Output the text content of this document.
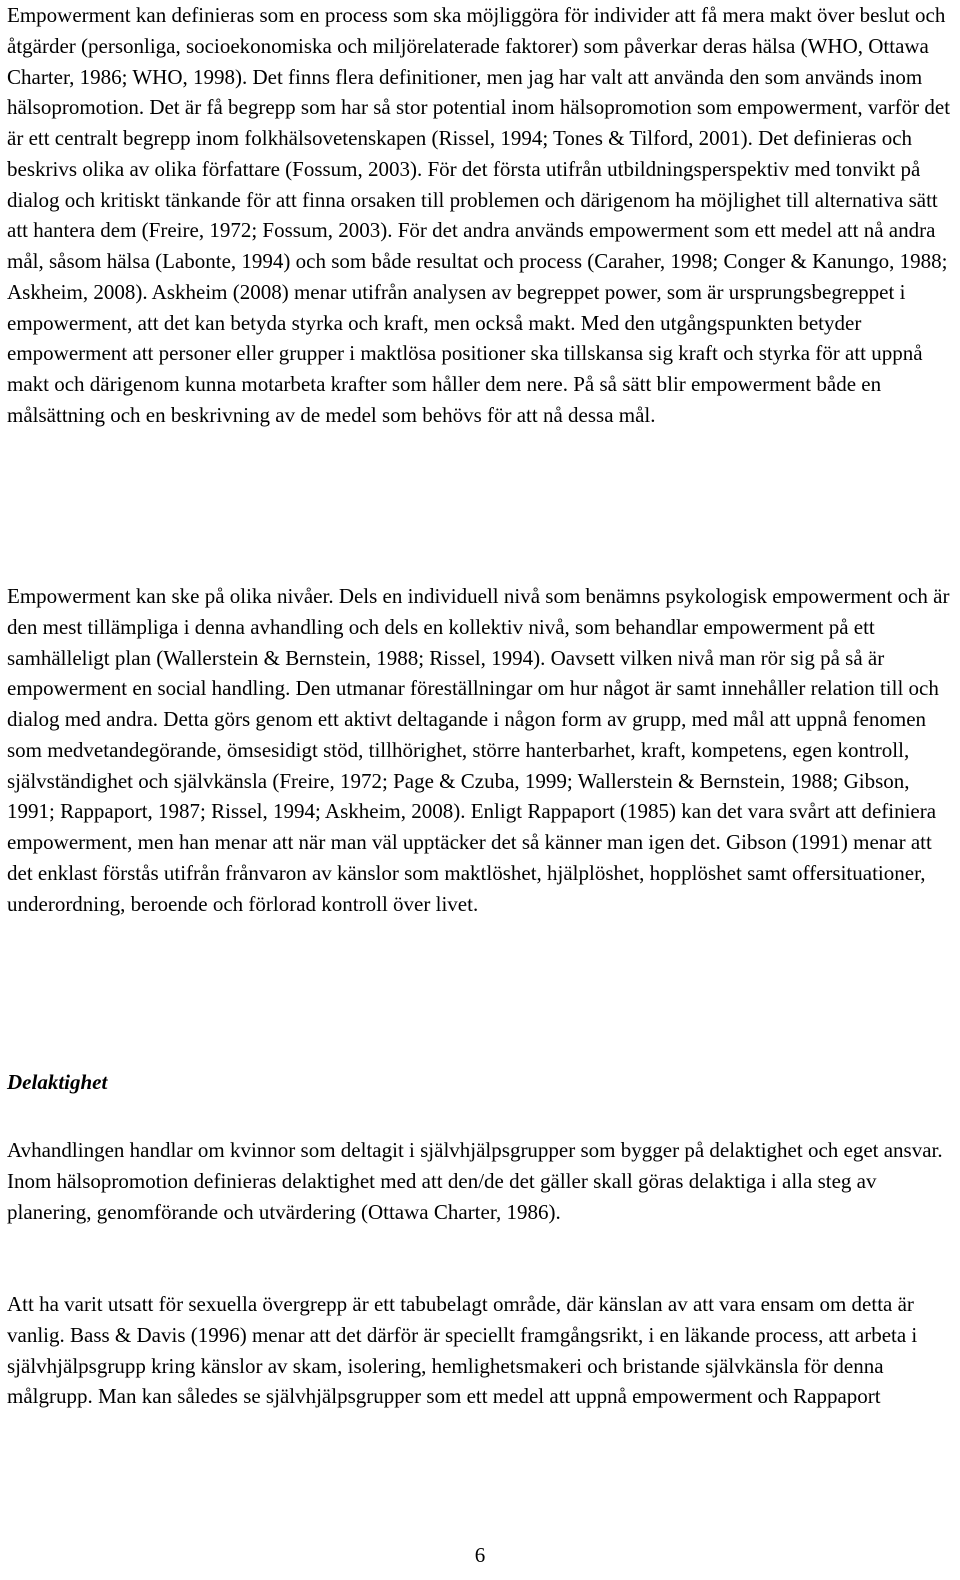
Empowerment kan definieras som en process som ska möjliggöra för individer att få mera makt över beslut och åtgärder (personliga, socioekonomiska och miljörelaterade faktorer) som påverkar deras hälsa (WHO, Ottawa Charter, 1986; WHO, 1998). Det finns flera definitioner, men jag har valt att använda den som används inom hälsopromotion. Det är få begrepp som har så stor potential inom hälsopromotion som empowerment, varför det är ett centralt begrepp inom folkhälsovetenskapen (Rissel, 1994; Tones & Tilford, 2001). Det definieras och beskrivs olika av olika författare (Fossum, 2003). För det första utifrån utbildningsperspektiv med tonvikt på dialog och kritiskt tänkande för att finna orsaken till problemen och därigenom ha möjlighet till alternativa sätt att hantera dem (Freire, 1972; Fossum, 2003). För det andra används empowerment som ett medel att nå andra mål, såsom hälsa (Labonte, 1994) och som både resultat och process (Caraher, 1998; Conger & Kanungo, 1988; Askheim, 2008). Askheim (2008) menar utifrån analysen av begreppet power, som är ursprungsbegreppet i empowerment, att det kan betyda styrka och kraft, men också makt. Med den utgångspunkten betyder empowerment att personer eller grupper i maktlösa positioner ska tillskansa sig kraft och styrka för att uppnå makt och därigenom kunna motarbeta krafter som håller dem nere. På så sätt blir empowerment både en målsättning och en beskrivning av de medel som behövs för att nå dessa mål.

Empowerment kan ske på olika nivåer. Dels en individuell nivå som benämns psykologisk empowerment och är den mest tillämpliga i denna avhandling och dels en kollektiv nivå, som behandlar empowerment på ett samhälleligt plan (Wallerstein & Bernstein, 1988; Rissel, 1994). Oavsett vilken nivå man rör sig på så är empowerment en social handling. Den utmanar föreställningar om hur något är samt innehåller relation till och dialog med andra. Detta görs genom ett aktivt deltagande i någon form av grupp, med mål att uppnå fenomen som medvetandegörande, ömsesidigt stöd, tillhörighet, större hanterbarhet, kraft, kompetens, egen kontroll, självständighet och självkänsla (Freire, 1972; Page & Czuba, 1999; Wallerstein & Bernstein, 1988; Gibson, 1991; Rappaport, 1987; Rissel, 1994; Askheim, 2008). Enligt Rappaport (1985) kan det vara svårt att definiera empowerment, men han menar att när man väl upptäcker det så känner man igen det. Gibson (1991) menar att det enklast förstås utifrån frånvaron av känslor som maktlöshet, hjälplöshet, hopplöshet samt offersituationer, underordning, beroende och förlorad kontroll över livet.

Delaktighet

Avhandlingen handlar om kvinnor som deltagit i självhjälpsgrupper som bygger på delaktighet och eget ansvar. Inom hälsopromotion definieras delaktighet med att den/de det gäller skall göras delaktiga i alla steg av planering, genomförande och utvärdering (Ottawa Charter, 1986).

Att ha varit utsatt för sexuella övergrepp är ett tabubelagt område, där känslan av att vara ensam om detta är vanlig. Bass & Davis (1996) menar att det därför är speciellt framgångsrikt, i en läkande process, att arbeta i självhjälpsgrupp kring känslor av skam, isolering, hemlighetsmakeri och bristande självkänsla för denna målgrupp. Man kan således se självhjälpsgrupper som ett medel att uppnå empowerment och Rappaport

6
